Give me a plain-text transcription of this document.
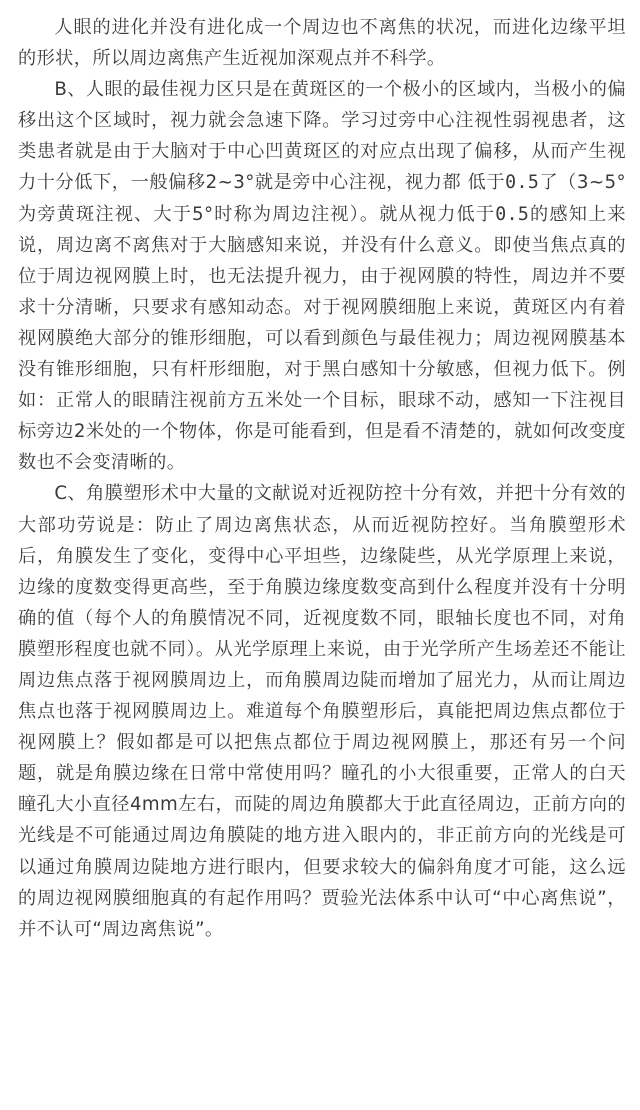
人眼的进化并没有进化成一个周边也不离焦的状况，而进化边缘平坦的形状，所以周边离焦产生近视加深观点并不科学。

B、人眼的最佳视力区只是在黄斑区的一个极小的区域内，当极小的偏移出这个区域时，视力就会急速下降。学习过旁中心注视性弱视患者，这类患者就是由于大脑对于中心凹黄斑区的对应点出现了偏移，从而产生视力十分低下，一般偏移2~3°就是旁中心注视，视力都 低于0.5了（3~5°为旁黄斑注视、大于5°时称为周边注视）。就从视力低于0.5的感知上来说，周边离不离焦对于大脑感知来说，并没有什么意义。即使当焦点真的位于周边视网膜上时，也无法提升视力，由于视网膜的特性，周边并不要求十分清晰，只要求有感知动态。对于视网膜细胞上来说，黄斑区内有着视网膜绝大部分的锥形细胞，可以看到颜色与最佳视力；周边视网膜基本没有锥形细胞，只有杆形细胞，对于黑白感知十分敏感，但视力低下。例如：正常人的眼睛注视前方五米处一个目标，眼球不动，感知一下注视目标旁边2米处的一个物体，你是可能看到，但是看不清楚的，就如何改变度数也不会变清晰的。

C、角膜塑形术中大量的文献说对近视防控十分有效，并把十分有效的大部功劳说是：防止了周边离焦状态，从而近视防控好。当角膜塑形术后，角膜发生了变化，变得中心平坦些，边缘陡些，从光学原理上来说，边缘的度数变得更高些，至于角膜边缘度数变高到什么程度并没有十分明确的值（每个人的角膜情况不同，近视度数不同，眼轴长度也不同，对角膜塑形程度也就不同）。从光学原理上来说，由于光学所产生场差还不能让周边焦点落于视网膜周边上，而角膜周边陡而增加了屈光力，从而让周边焦点也落于视网膜周边上。难道每个角膜塑形后，真能把周边焦点都位于视网膜上？假如都是可以把焦点都位于周边视网膜上，那还有另一个问题，就是角膜边缘在日常中常使用吗？瞳孔的小大很重要，正常人的白天瞳孔大小直径4mm左右，而陡的周边角膜都大于此直径周边，正前方向的光线是不可能通过周边角膜陡的地方进入眼内的，非正前方向的光线是可以通过角膜周边陡地方进行眼内，但要求较大的偏斜角度才可能，这么远的周边视网膜细胞真的有起作用吗？贾验光法体系中认可“中心离焦说”，并不认可“周边离焦说”。
